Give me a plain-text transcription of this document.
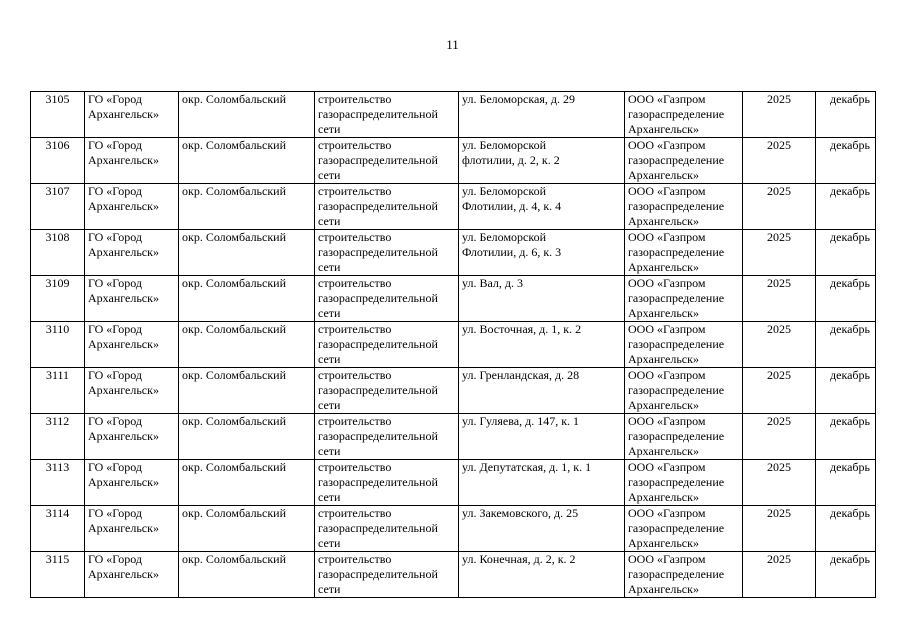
11
3105	ГО «Город
Архангельск»	окр. Соломбальский	строительство
газораспределительной
сети	ул. Беломорская, д. 29	ООО «Газпром
газораспределение
Архангельск»	2025	декабрь
3106	ГО «Город
Архангельск»	окр. Соломбальский	строительство
газораспределительной
сети	ул. Беломорской
флотилии, д. 2, к. 2	ООО «Газпром
газораспределение
Архангельск»	2025	декабрь
3107	ГО «Город
Архангельск»	окр. Соломбальский	строительство
газораспределительной
сети	ул. Беломорской
Флотилии, д. 4, к. 4	ООО «Газпром
газораспределение
Архангельск»	2025	декабрь
3108	ГО «Город
Архангельск»	окр. Соломбальский	строительство
газораспределительной
сети	ул. Беломорской
Флотилии, д. 6, к. 3	ООО «Газпром
газораспределение
Архангельск»	2025	декабрь
3109	ГО «Город
Архангельск»	окр. Соломбальский	строительство
газораспределительной
сети	ул. Вал, д. 3	ООО «Газпром
газораспределение
Архангельск»	2025	декабрь
3110	ГО «Город
Архангельск»	окр. Соломбальский	строительство
газораспределительной
сети	ул. Восточная, д. 1, к. 2	ООО «Газпром
газораспределение
Архангельск»	2025	декабрь
3111	ГО «Город
Архангельск»	окр. Соломбальский	строительство
газораспределительной
сети	ул. Гренландская, д. 28	ООО «Газпром
газораспределение
Архангельск»	2025	декабрь
3112	ГО «Город
Архангельск»	окр. Соломбальский	строительство
газораспределительной
сети	ул. Гуляева, д. 147, к. 1	ООО «Газпром
газораспределение
Архангельск»	2025	декабрь
3113	ГО «Город
Архангельск»	окр. Соломбальский	строительство
газораспределительной
сети	ул. Депутатская, д. 1, к. 1	ООО «Газпром
газораспределение
Архангельск»	2025	декабрь
3114	ГО «Город
Архангельск»	окр. Соломбальский	строительство
газораспределительной
сети	ул. Закемовского, д. 25	ООО «Газпром
газораспределение
Архангельск»	2025	декабрь
3115	ГО «Город
Архангельск»	окр. Соломбальский	строительство
газораспределительной
сети	ул. Конечная, д. 2, к. 2	ООО «Газпром
газораспределение
Архангельск»	2025	декабрь
